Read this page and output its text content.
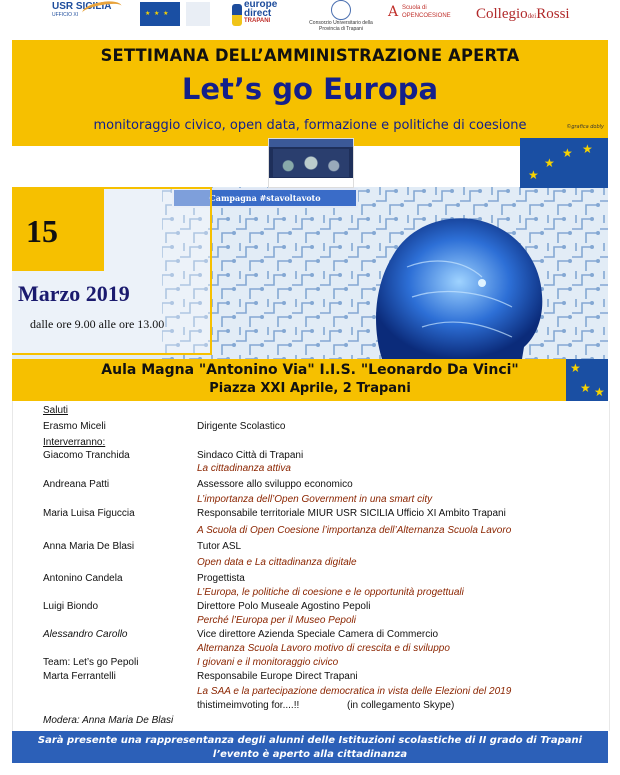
USR SICILIA
UFFICIO XI
★ ★ ★
europe direct
TRAPANI	Consorzio Universitario della Provincia di Trapani
A Scuola di OPENCOESIONE	CollegiodeiRossi
SETTIMANA DELL’AMMINISTRAZIONE APERTA
Let’s go Europa
monitoraggio civico, open data, formazione e politiche di coesione	©grafica dobly
★
★
★ ★
Campagna #stavoltavoto
15
Marzo 2019
dalle ore 9.00 alle ore 13.00
Aula Magna "Antonino Via" I.I.S. "Leonardo Da Vinci"
Piazza XXI Aprile, 2 Trapani
★
★ ★
Saluti
Erasmo Miceli	Dirigente Scolastico
Interverranno:
Giacomo Tranchida	Sindaco Città di Trapani
La cittadinanza attiva
Andreana Patti	Assessore allo sviluppo economico
L’importanza dell’Open Government in una smart city
Maria Luisa Figuccia	Responsabile territoriale MIUR USR SICILIA Ufficio XI Ambito Trapani
A Scuola di Open Coesione l’importanza dell’Alternanza Scuola Lavoro
Anna Maria De Blasi	Tutor ASL
Open data e La cittadinanza digitale
Antonino Candela	Progettista
L’Europa, le politiche di coesione e le opportunità progettuali
Luigi Biondo	Direttore Polo Museale Agostino Pepoli
Perché l’Europa per il Museo Pepoli
Alessandro Carollo	Vice direttore Azienda Speciale Camera di Commercio
Alternanza Scuola Lavoro motivo di crescita e di sviluppo
Team: Let’s go Pepoli	I giovani e il monitoraggio civico
Marta Ferrantelli	Responsabile Europe Direct Trapani
La SAA e la partecipazione democratica in vista delle Elezioni del 2019
thistimeimvoting for....!!	(in collegamento Skype)
Modera: Anna Maria De Blasi
Sarà presente una rappresentanza degli alunni delle Istituzioni scolastiche di II grado di Trapani
l’evento è aperto alla cittadinanza
